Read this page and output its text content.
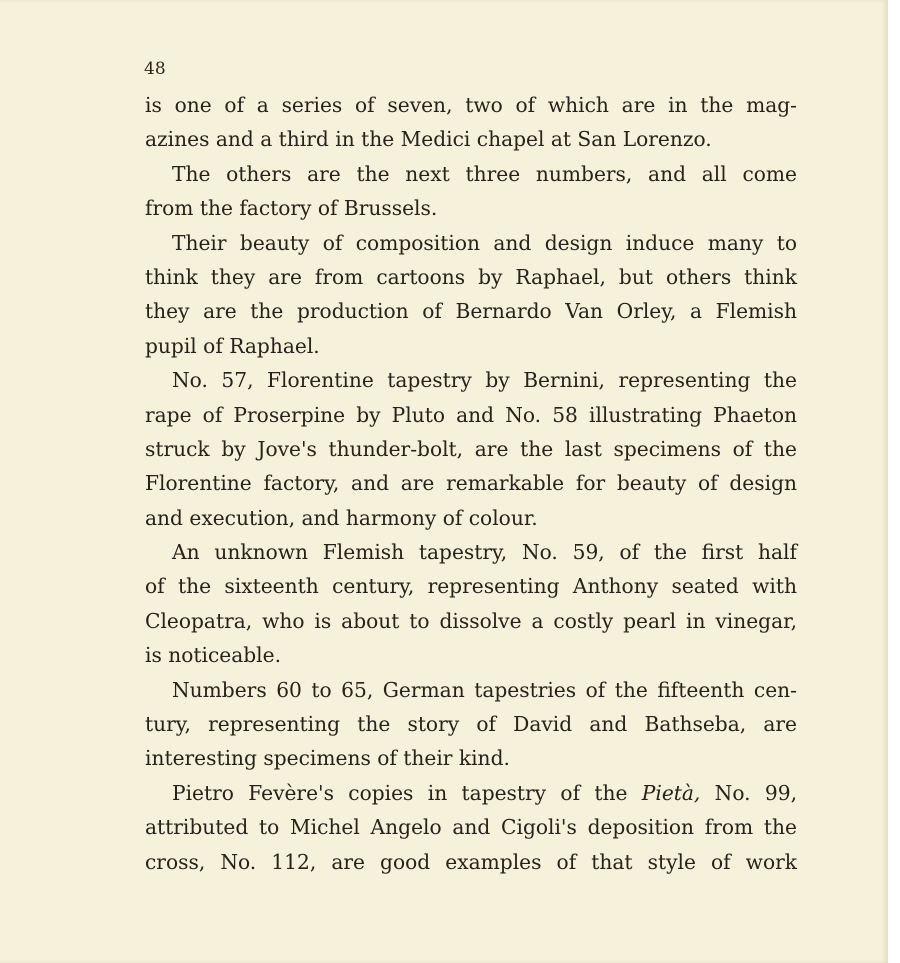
48

is one of a series of seven, two of which are in the mag-
azines and a third in the Medici chapel at San Lorenzo.
The others are the next three numbers, and all come
from the factory of Brussels.
Their beauty of composition and design induce many to
think they are from cartoons by Raphael, but others think
they are the production of Bernardo Van Orley, a Flemish
pupil of Raphael.
No. 57, Florentine tapestry by Bernini, representing the
rape of Proserpine by Pluto and No. 58 illustrating Phaeton
struck by Jove's thunder-bolt, are the last specimens of the
Florentine factory, and are remarkable for beauty of design
and execution, and harmony of colour.
An unknown Flemish tapestry, No. 59, of the first half
of the sixteenth century, representing Anthony seated with
Cleopatra, who is about to dissolve a costly pearl in vinegar,
is noticeable.
Numbers 60 to 65, German tapestries of the fifteenth cen-
tury, representing the story of David and Bathseba, are
interesting specimens of their kind.
Pietro Fevère's copies in tapestry of the Pietà, No. 99,
attributed to Michel Angelo and Cigoli's deposition from the
cross, No. 112, are good examples of that style of work
